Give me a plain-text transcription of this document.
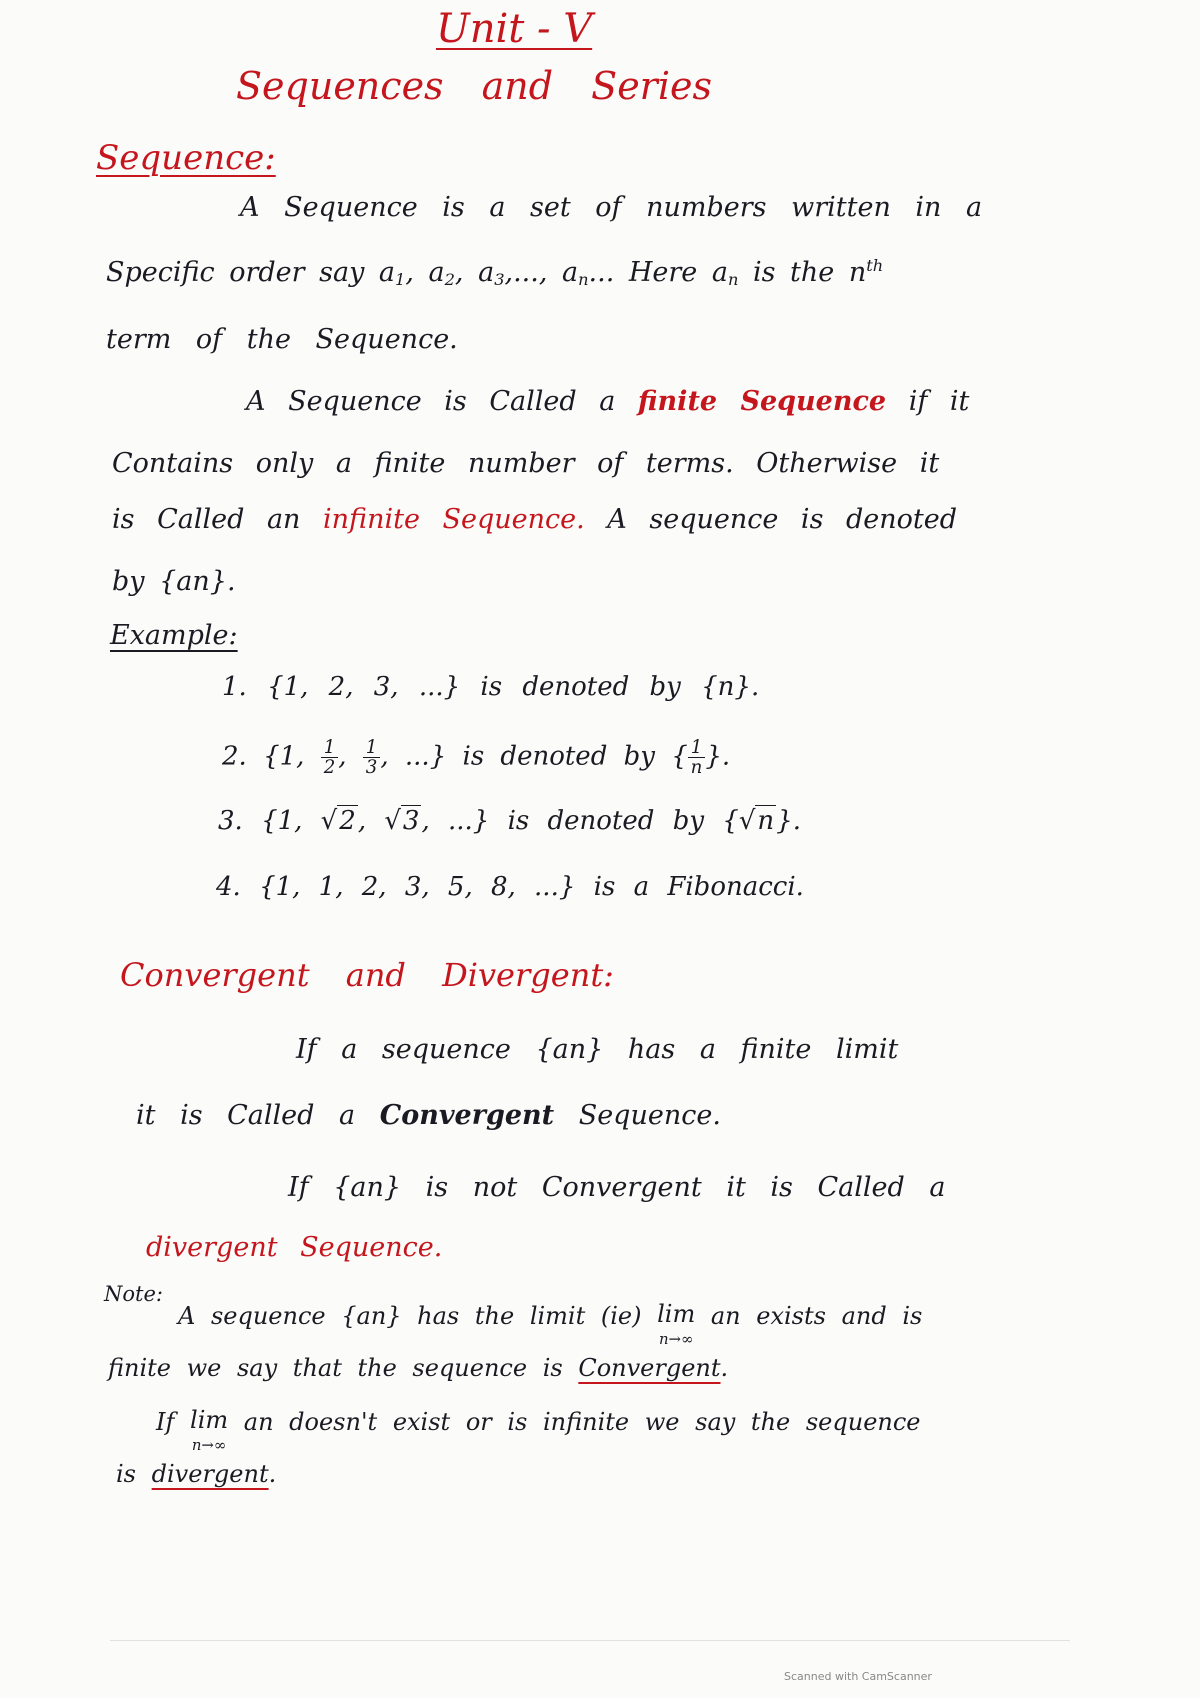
Unit - V
Sequences and Series
Sequence:
A Sequence is a set of numbers written in a
Specific order say $a_1$, $a_2$, $a_3$,..., $a_n$... Here $a_n$ is the $n^{th}$
term of the Sequence.
A Sequence is Called a finite Sequence if it
Contains only a finite number of terms. Otherwise it
is Called an infinite Sequence. A sequence is denoted
by {an}.
Example:
1. {1, 2, 3, ...} is denoted by {n}.
2. {1, $\frac{1}{2}$ , $\frac{1}{3}$ , ...} is denoted by { $\frac{1}{n}$ }.
3. {1, √2, √3, ...} is denoted by {√n}.
4. {1, 1, 2, 3, 5, 8, ...} is a Fibonacci.
Convergent and Divergent:
If a sequence {an} has a finite limit
it is Called a Convergent Sequence.
If {an} is not Convergent it is Called a
divergent Sequence.
Note:
A sequence {an} has the limit (ie) lim
n→∞
an exists and is
finite we say that the sequence is Convergent.
If lim
n→∞
an doesn't exist or is infinite we say the sequence
is divergent.
Scanned with CamScanner
